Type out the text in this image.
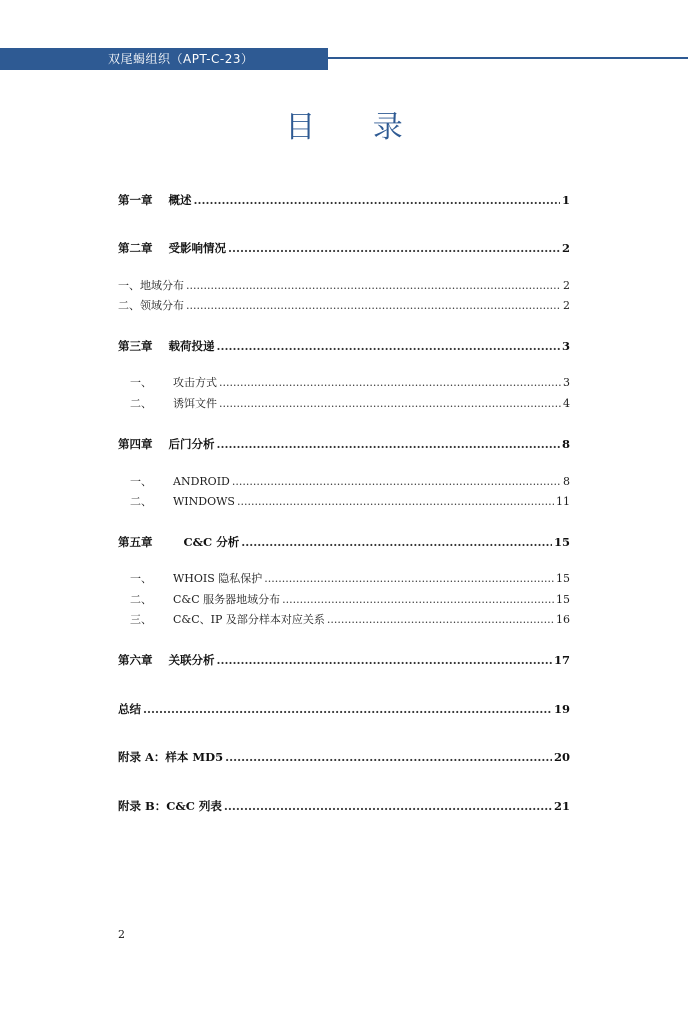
双尾蝎组织（APT-C-23）
目 录
第一章 概述 .....	1
第二章 受影响情况 .....	2
一、地域分布 .....	2
二、领域分布 .....	2
第三章 载荷投递 .....	3
一、 攻击方式 .....	3
二、 诱饵文件 .....	4
第四章 后门分析 .....	8
一、 ANDROID .....	8
二、 WINDOWS .....	11
第五章	C&C 分析 .....	15
一、 WHOIS 隐私保护 .....	15
二、 C&C 服务器地域分布 .....	15
三、 C&C、IP 及部分样本对应关系 .....	16
第六章 关联分析 .....	17
总结 .....	19
附录 A：样本 MD5 .....	20
附录 B：C&C 列表 .....	21
2
